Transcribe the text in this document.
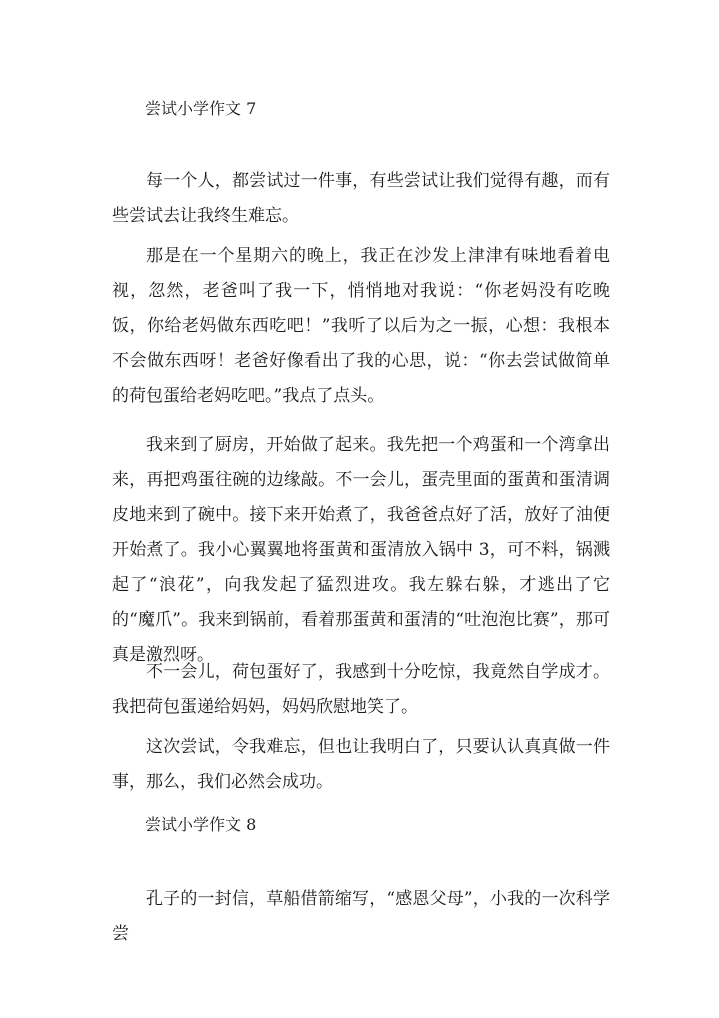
尝试小学作文 7

每一个人，都尝试过一件事，有些尝试让我们觉得有趣，而有些尝试去让我终生难忘。

那是在一个星期六的晚上，我正在沙发上津津有味地看着电视，忽然，老爸叫了我一下，悄悄地对我说：“你老妈没有吃晚饭，你给老妈做东西吃吧！”我听了以后为之一振，心想：我根本不会做东西呀！老爸好像看出了我的心思，说：“你去尝试做简单的荷包蛋给老妈吃吧。”我点了点头。

我来到了厨房，开始做了起来。我先把一个鸡蛋和一个湾拿出来，再把鸡蛋往碗的边缘敲。不一会儿，蛋壳里面的蛋黄和蛋清调皮地来到了碗中。接下来开始煮了，我爸爸点好了活，放好了油便开始煮了。我小心翼翼地将蛋黄和蛋清放入锅中 3，可不料，锅溅起了“浪花”，向我发起了猛烈进攻。我左躲右躲，才逃出了它的“魔爪”。我来到锅前，看着那蛋黄和蛋清的“吐泡泡比赛”，那可真是激烈呀。

不一会儿，荷包蛋好了，我感到十分吃惊，我竟然自学成才。我把荷包蛋递给妈妈，妈妈欣慰地笑了。

这次尝试，令我难忘，但也让我明白了，只要认认真真做一件事，那么，我们必然会成功。

尝试小学作文 8

孔子的一封信，草船借箭缩写，“感恩父母”，小我的一次科学尝
